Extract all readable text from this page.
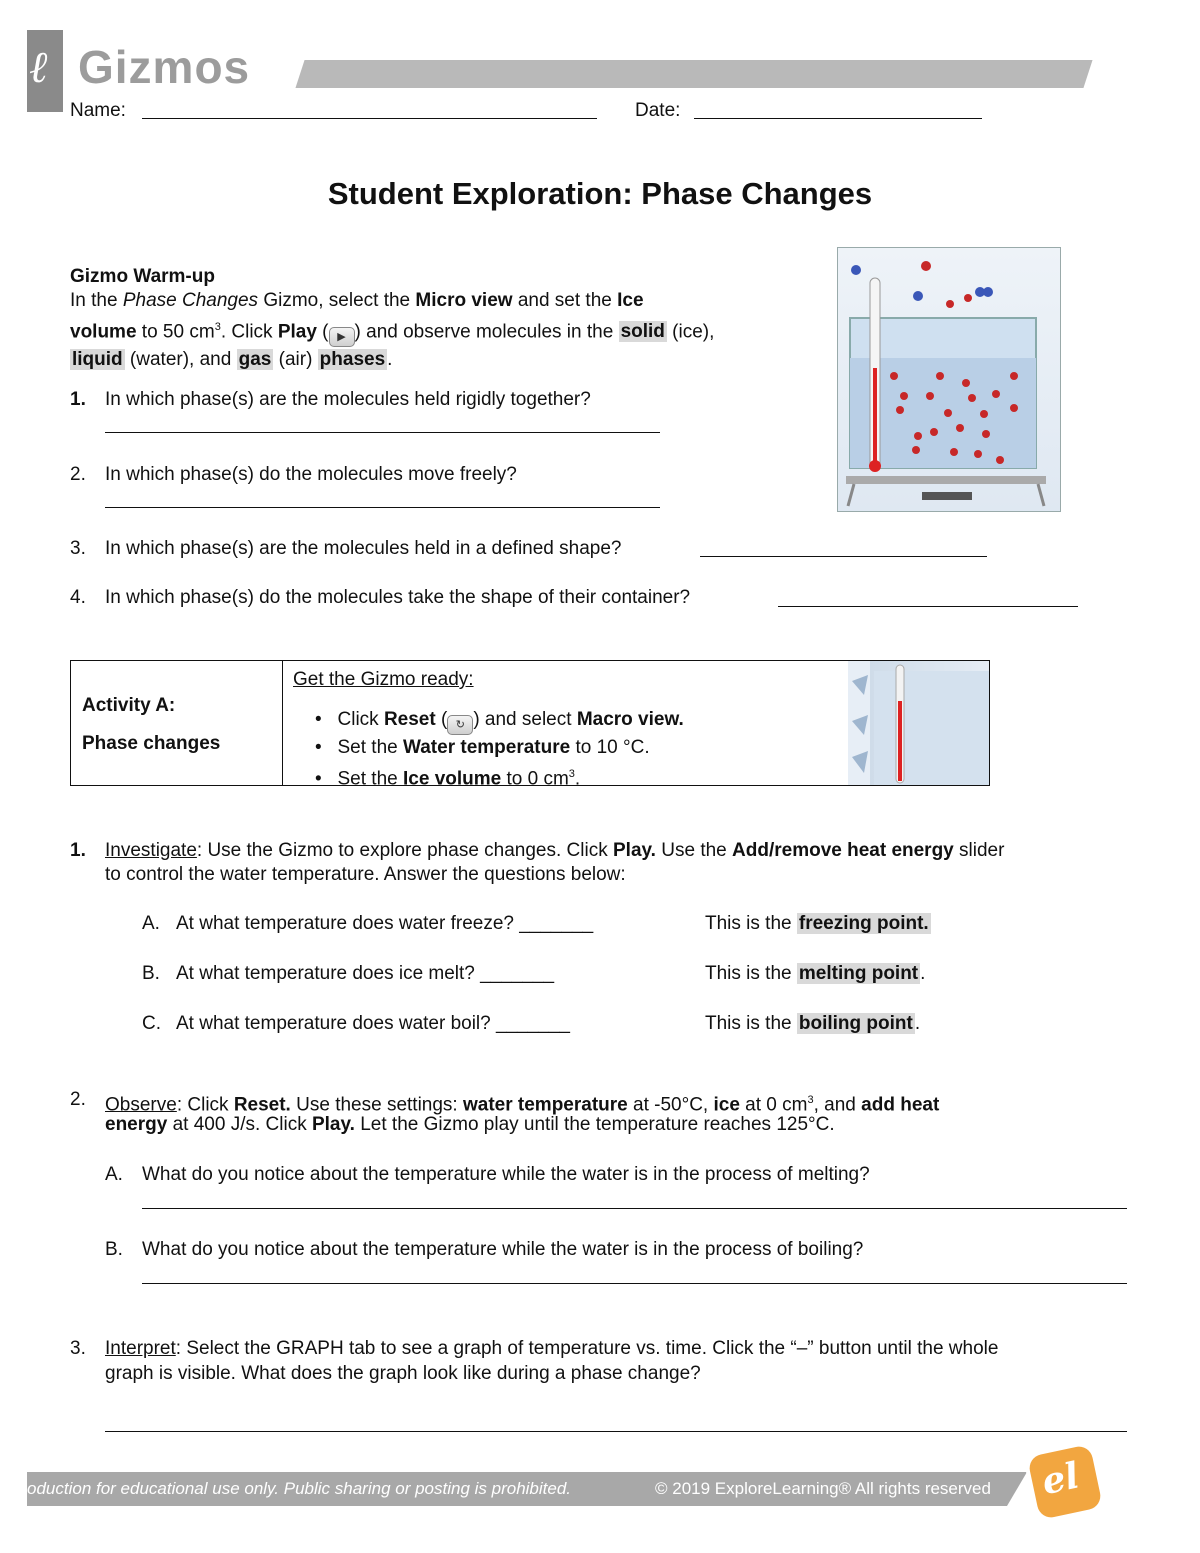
ℓ Gizmos
Name:	Date:
Student Exploration: Phase Changes
Gizmo Warm-up
In the Phase Changes Gizmo, select the Micro view and set the Ice
volume to 50 $cm^3$. Click Play ( ▶ ) and observe molecules in the solid (ice),
liquid (water), and gas (air) phases .
1. In which phase(s) are the molecules held rigidly together?
2. In which phase(s) do the molecules move freely?
3. In which phase(s) are the molecules held in a defined shape?
4. In which phase(s) do the molecules take the shape of their container?
Activity A:
Phase changes
Get the Gizmo ready:
•   Click Reset ( ↻ ) and select Macro view.
•   Set the Water temperature to 10 °C.
•   Set the Ice volume to 0 $cm^3$.
1. Investigate: Use the Gizmo to explore phase changes. Click Play. Use the Add/remove heat energy slider
to control the water temperature. Answer the questions below:
A. At what temperature does water freeze? _______	This is the freezing point.
B. At what temperature does ice melt? _______	This is the melting point .
C. At what temperature does water boil? _______	This is the boiling point .
2. Observe: Click Reset. Use these settings: water temperature at -50°C, ice at 0 $cm^3$, and add heat
energy at 400 J/s. Click Play. Let the Gizmo play until the temperature reaches 125°C.
A. What do you notice about the temperature while the water is in the process of melting?
B. What do you notice about the temperature while the water is in the process of boiling?
3. Interpret: Select the GRAPH tab to see a graph of temperature vs. time. Click the “–” button until the whole
graph is visible. What does the graph look like during a phase change?
oduction for educational use only. Public sharing or posting is prohibited.	© 2019 ExploreLearning® All rights reserved el
